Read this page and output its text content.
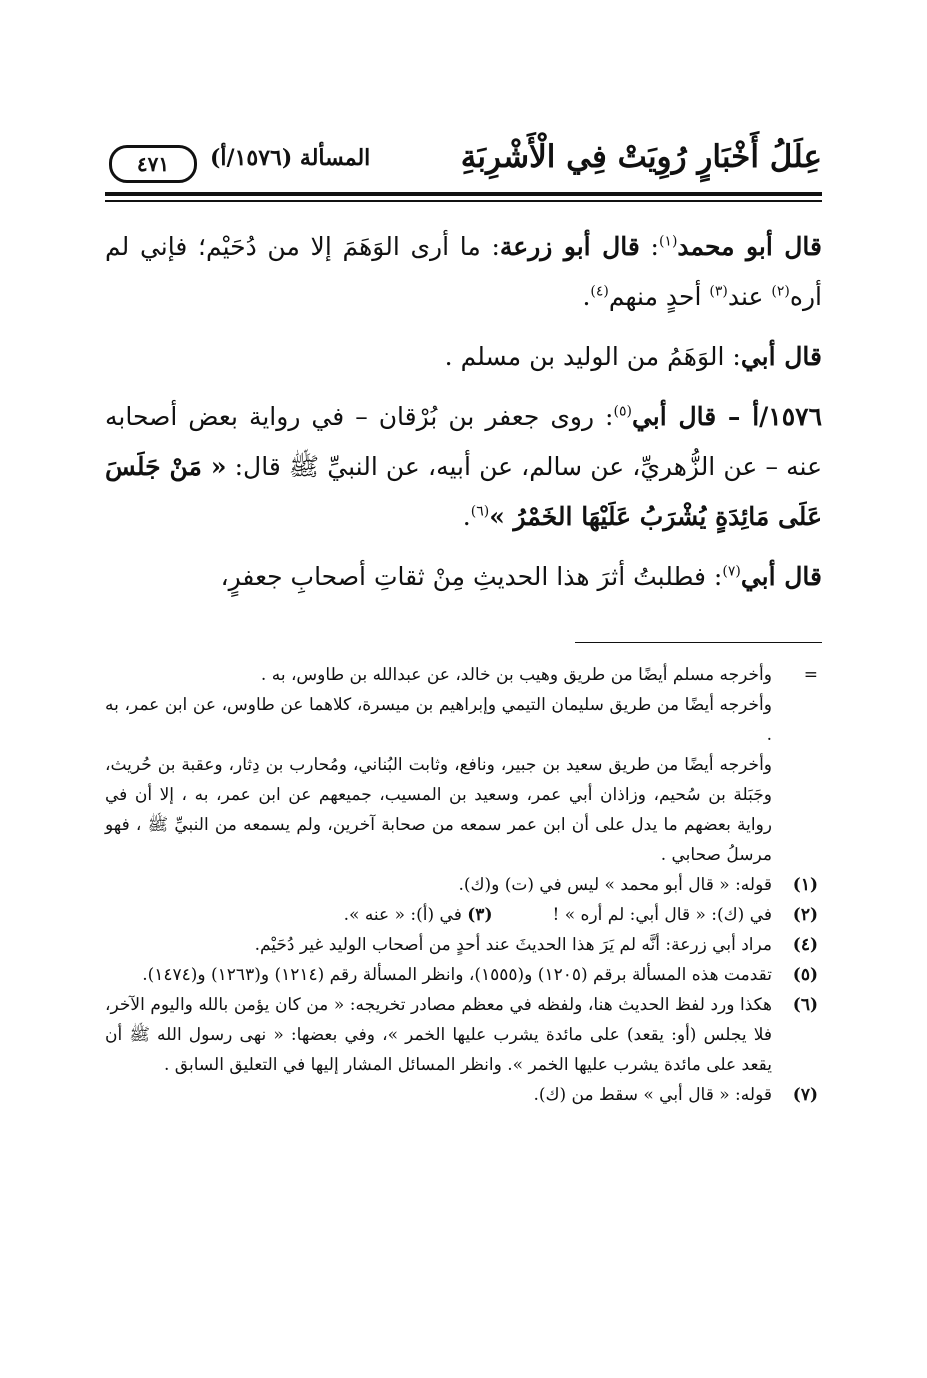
عِلَلُ أَخْبَارٍ رُوِيَتْ فِي الْأَشْرِبَةِ
المسألة (١٥٧٦/أ)
٤٧١

قال أبو محمد$^{(١)}$: قال أبو زرعة: ما أرى الوَهَمَ إلا من دُحَيْم؛ فإني لم أره$^{(٢)}$ عند$^{(٣)}$ أحدٍ منهم$^{(٤)}$.

قال أبي: الوَهَمُ من الوليد بن مسلم .

١٥٧٦/أ – قال أبي$^{(٥)}$: روى جعفر بن بُرْقان – في رواية بعض أصحابه عنه – عن الزُّهريِّ، عن سالم، عن أبيه، عن النبيِّ ﷺ قال: « مَنْ جَلَسَ عَلَى مَائِدَةٍ يُشْرَبُ عَلَيْهَا الخَمْرُ »$^{(٦)}$.

قال أبي$^{(٧)}$: فطلبتُ أثرَ هذا الحديثِ مِنْ ثقاتِ أصحابِ جعفرٍ،

=

وأخرجه مسلم أيضًا من طريق وهيب بن خالد، عن عبدالله بن طاوس، به .

وأخرجه أيضًا من طريق سليمان التيمي وإبراهيم بن ميسرة، كلاهما عن طاوس، عن ابن عمر، به .

وأخرجه أيضًا من طريق سعيد بن جبير، ونافع، وثابت البُناني، ومُحارب بن دِثار، وعقبة بن حُريث، وجَبَلة بن سُحيم، وزاذان أبي عمر، وسعيد بن المسيب، جميعهم عن ابن عمر، به ، إلا أن في رواية بعضهم ما يدل على أن ابن عمر سمعه من صحابة آخرين، ولم يسمعه من النبيِّ ﷺ ، فهو مرسلُ صحابي .

(١)

قوله: « قال أبو محمد » ليس في (ت) و(ك).

(٢)

في (ك): « قال أبي: لم أره » !(٣) في (أ): « عنه ».

(٤)

مراد أبي زرعة: أنَّه لم يَرَ هذا الحديثَ عند أحدٍ من أصحاب الوليد غير دُحَيْم.

(٥)

تقدمت هذه المسألة برقم (١٢٠٥) و(١٥٥٥)، وانظر المسألة رقم (١٢١٤) و(١٢٦٣) و(١٤٧٤).

(٦)

هكذا ورد لفظ الحديث هنا، ولفظه في معظم مصادر تخريجه: « من كان يؤمن بالله واليوم الآخر، فلا يجلس (أو: يقعد) على مائدة يشرب عليها الخمر »، وفي بعضها: « نهى رسول الله ﷺ أن يقعد على مائدة يشرب عليها الخمر ». وانظر المسائل المشار إليها في التعليق السابق .

(٧)

قوله: « قال أبي » سقط من (ك).
